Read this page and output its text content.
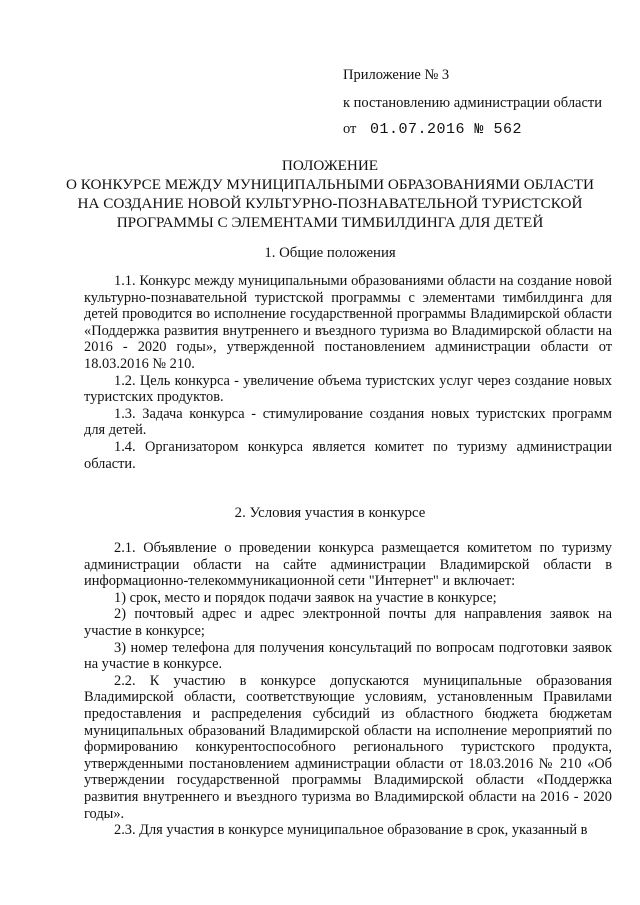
Приложение № 3
к постановлению администрации области
от 01.07.2016 № 562
ПОЛОЖЕНИЕ
О КОНКУРСЕ МЕЖДУ МУНИЦИПАЛЬНЫМИ ОБРАЗОВАНИЯМИ ОБЛАСТИ
НА СОЗДАНИЕ НОВОЙ КУЛЬТУРНО-ПОЗНАВАТЕЛЬНОЙ ТУРИСТСКОЙ
ПРОГРАММЫ С ЭЛЕМЕНТАМИ ТИМБИЛДИНГА ДЛЯ ДЕТЕЙ
1. Общие положения

1.1. Конкурс между муниципальными образованиями области на создание новой культурно-познавательной туристской программы с элементами тимбилдинга для детей проводится во исполнение государственной программы Владимирской области «Поддержка развития внутреннего и въездного туризма во Владимирской области на 2016 - 2020 годы», утвержденной постановлением администрации области от 18.03.2016 № 210.

1.2. Цель конкурса - увеличение объема туристских услуг через создание новых туристских продуктов.

1.3. Задача конкурса - стимулирование создания новых туристских программ для детей.

1.4. Организатором конкурса является комитет по туризму администрации области.

2. Условия участия в конкурсе

2.1. Объявление о проведении конкурса размещается комитетом по туризму администрации области на сайте администрации Владимирской области в информационно-телекоммуникационной сети "Интернет" и включает:

1) срок, место и порядок подачи заявок на участие в конкурсе;

2) почтовый адрес и адрес электронной почты для направления заявок на участие в конкурсе;

3) номер телефона для получения консультаций по вопросам подготовки заявок на участие в конкурсе.

2.2. К участию в конкурсе допускаются муниципальные образования Владимирской области, соответствующие условиям, установленным Правилами предоставления и распределения субсидий из областного бюджета бюджетам муниципальных образований Владимирской области на исполнение мероприятий по формированию конкурентоспособного регионального туристского продукта, утвержденными постановлением администрации области от 18.03.2016 № 210 «Об утверждении государственной программы Владимирской области «Поддержка развития внутреннего и въездного туризма во Владимирской области на 2016 - 2020 годы».

2.3. Для участия в конкурсе муниципальное образование в срок, указанный в
